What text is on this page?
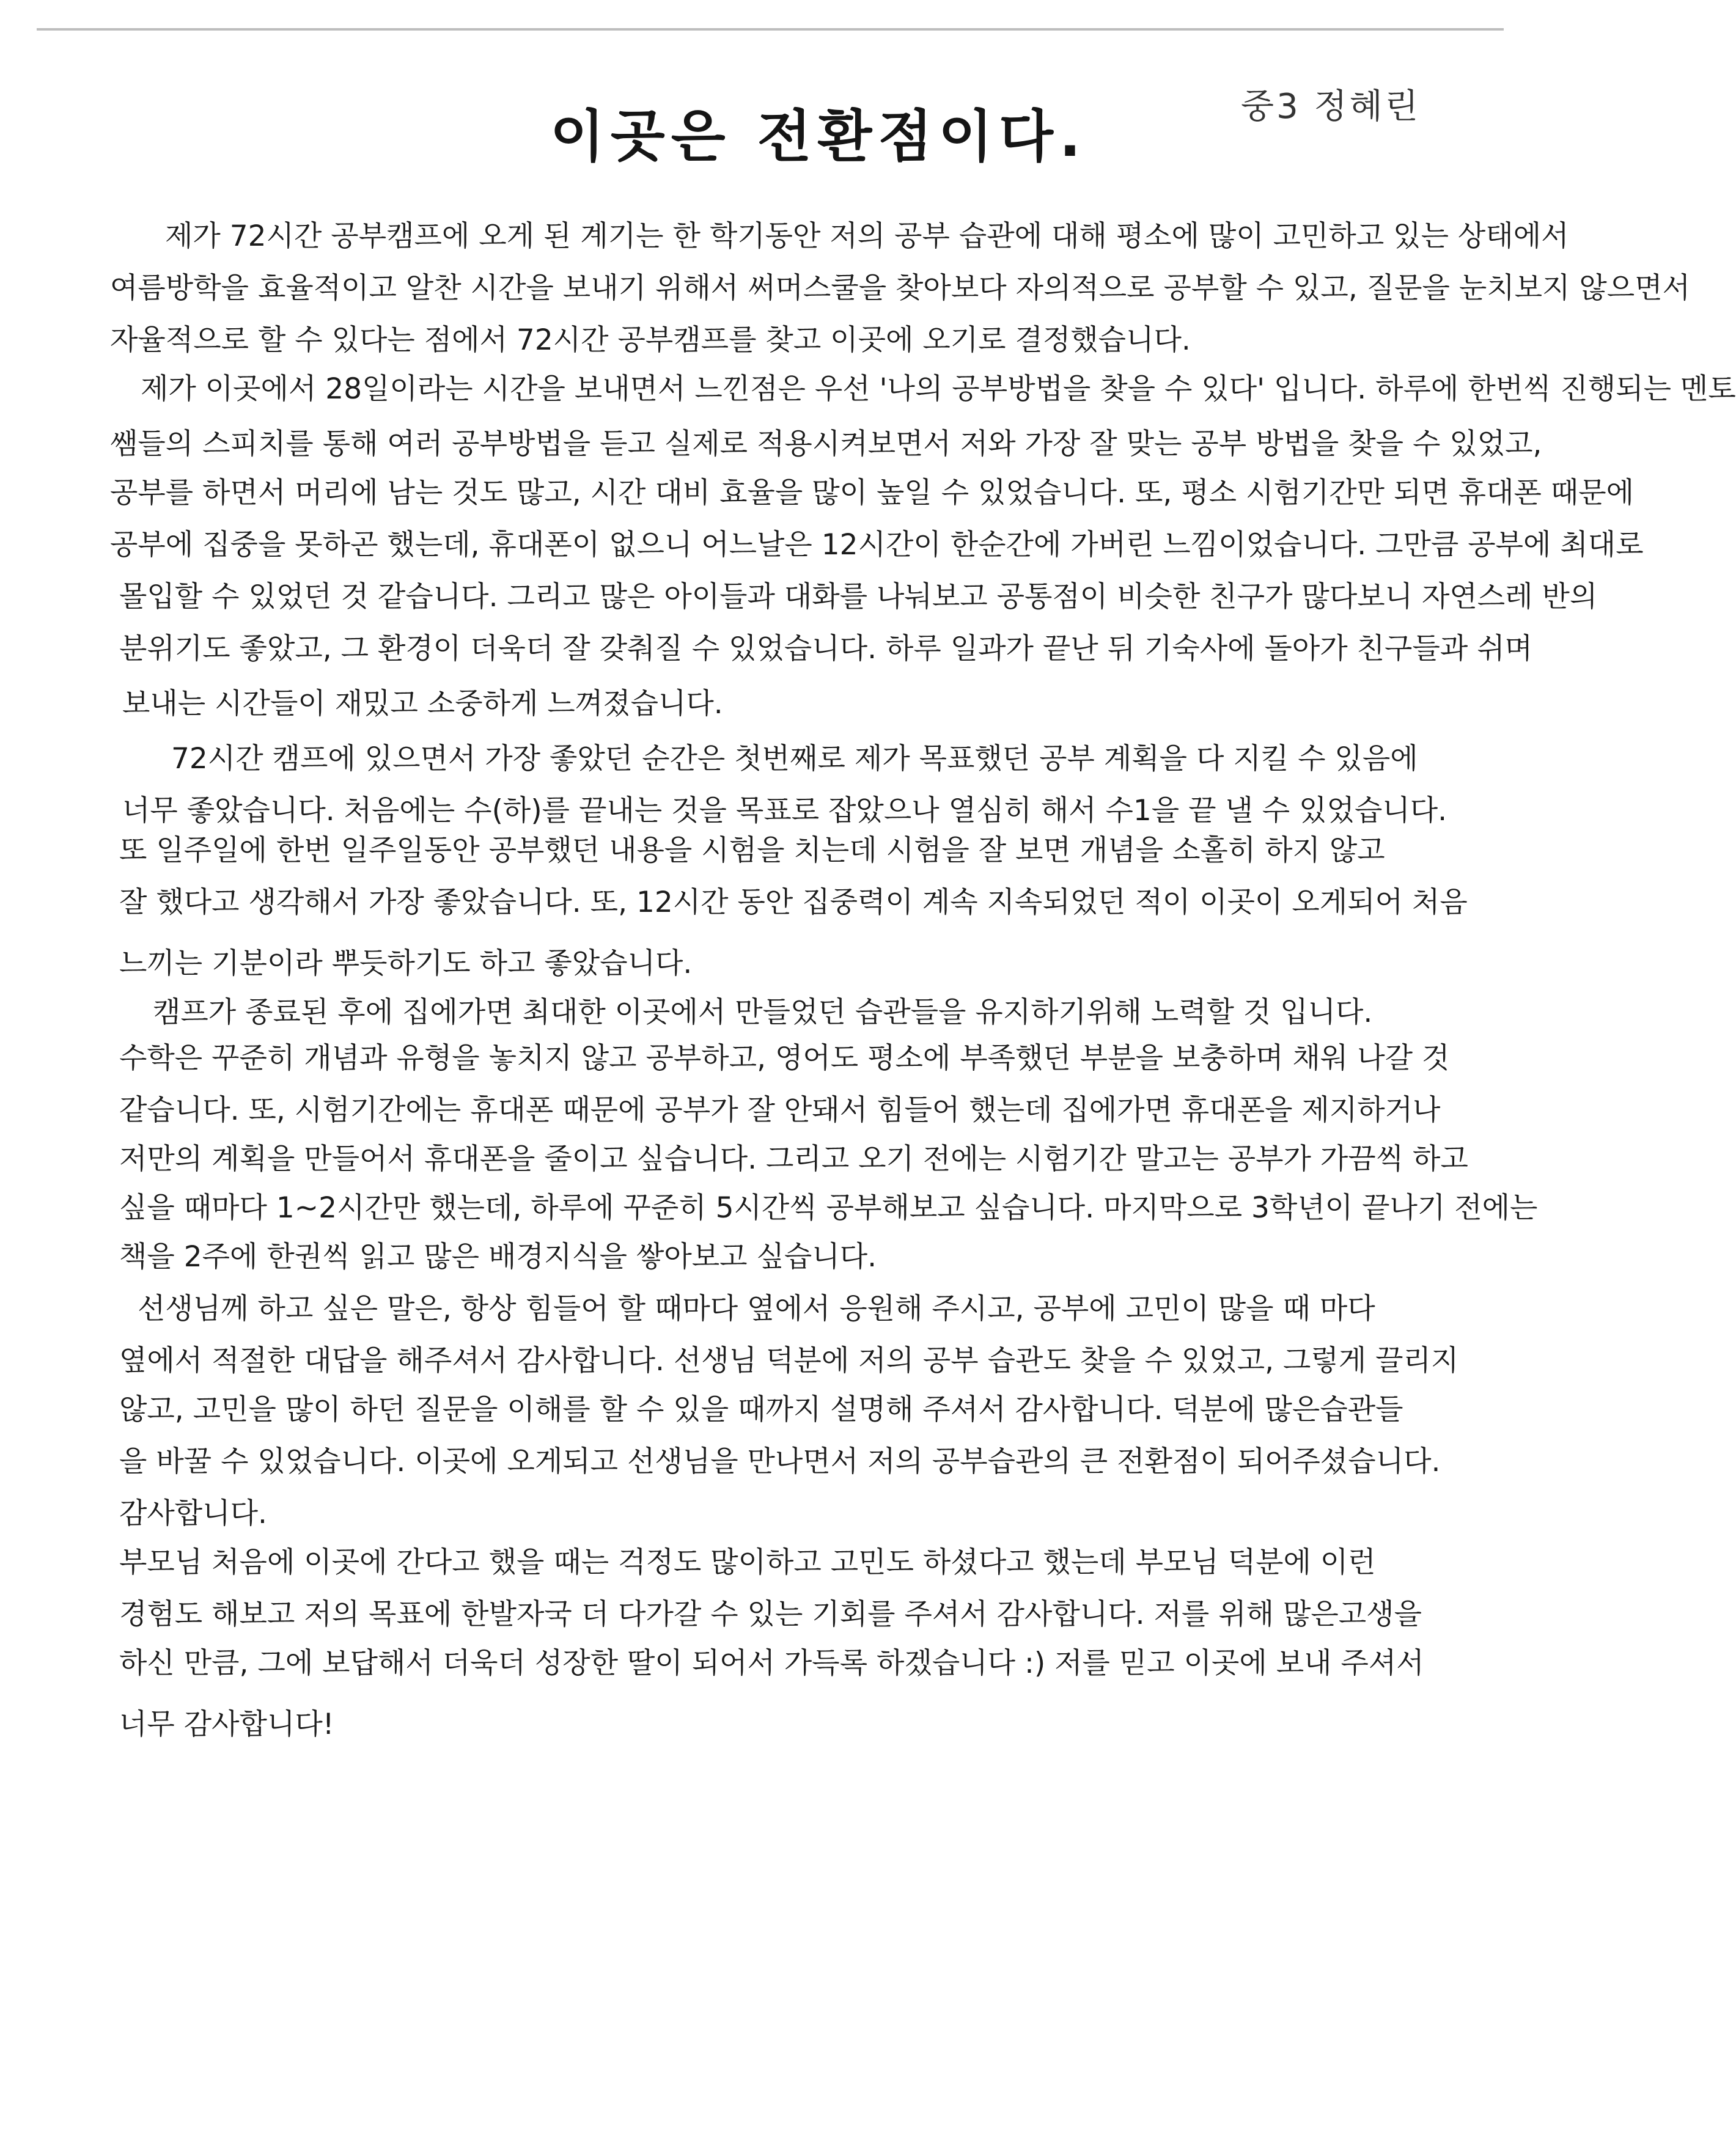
이곳은 전환점이다.	중3 정혜린
제가 72시간 공부캠프에 오게 된 계기는 한 학기동안 저의 공부 습관에 대해 평소에 많이 고민하고 있는 상태에서
여름방학을 효율적이고 알찬 시간을 보내기 위해서 써머스쿨을 찾아보다 자의적으로 공부할 수 있고, 질문을 눈치보지 않으면서
자율적으로 할 수 있다는 점에서 72시간 공부캠프를 찾고 이곳에 오기로 결정했습니다.
제가 이곳에서 28일이라는 시간을 보내면서 느낀점은 우선 '나의 공부방법을 찾을 수 있다' 입니다. 하루에 한번씩 진행되는 멘토
쌤들의 스피치를 통해 여러 공부방법을 듣고 실제로 적용시켜보면서 저와 가장 잘 맞는 공부 방법을 찾을 수 있었고,
공부를 하면서 머리에 남는 것도 많고, 시간 대비 효율을 많이 높일 수 있었습니다. 또, 평소 시험기간만 되면 휴대폰 때문에
공부에 집중을 못하곤 했는데, 휴대폰이 없으니 어느날은 12시간이 한순간에 가버린 느낌이었습니다. 그만큼 공부에 최대로
몰입할 수 있었던 것 같습니다. 그리고 많은 아이들과 대화를 나눠보고 공통점이 비슷한 친구가 많다보니 자연스레 반의
분위기도 좋았고, 그 환경이 더욱더 잘 갖춰질 수 있었습니다. 하루 일과가 끝난 뒤 기숙사에 돌아가 친구들과 쉬며
보내는 시간들이 재밌고 소중하게 느껴졌습니다.
72시간 캠프에 있으면서 가장 좋았던 순간은 첫번째로 제가 목표했던 공부 계획을 다 지킬 수 있음에
너무 좋았습니다. 처음에는 수(하)를 끝내는 것을 목표로 잡았으나 열심히 해서 수1을 끝 낼 수 있었습니다.
또 일주일에 한번 일주일동안 공부했던 내용을 시험을 치는데 시험을 잘 보면 개념을 소홀히 하지 않고
잘 했다고 생각해서 가장 좋았습니다. 또, 12시간 동안 집중력이 계속 지속되었던 적이 이곳이 오게되어 처음
느끼는 기분이라 뿌듯하기도 하고 좋았습니다.
캠프가 종료된 후에 집에가면 최대한 이곳에서 만들었던 습관들을 유지하기위해 노력할 것 입니다.
수학은 꾸준히 개념과 유형을 놓치지 않고 공부하고, 영어도 평소에 부족했던 부분을 보충하며 채워 나갈 것
같습니다. 또, 시험기간에는 휴대폰 때문에 공부가 잘 안돼서 힘들어 했는데 집에가면 휴대폰을 제지하거나
저만의 계획을 만들어서 휴대폰을 줄이고 싶습니다. 그리고 오기 전에는 시험기간 말고는 공부가 가끔씩 하고
싶을 때마다 1~2시간만 했는데, 하루에 꾸준히 5시간씩 공부해보고 싶습니다. 마지막으로 3학년이 끝나기 전에는
책을 2주에 한권씩 읽고 많은 배경지식을 쌓아보고 싶습니다.
선생님께 하고 싶은 말은, 항상 힘들어 할 때마다 옆에서 응원해 주시고, 공부에 고민이 많을 때 마다
옆에서 적절한 대답을 해주셔서 감사합니다. 선생님 덕분에 저의 공부 습관도 찾을 수 있었고, 그렇게 끌리지
않고, 고민을 많이 하던 질문을 이해를 할 수 있을 때까지 설명해 주셔서 감사합니다. 덕분에 많은습관들
을 바꿀 수 있었습니다. 이곳에 오게되고 선생님을 만나면서 저의 공부습관의 큰 전환점이 되어주셨습니다.
감사합니다.
부모님 처음에 이곳에 간다고 했을 때는 걱정도 많이하고 고민도 하셨다고 했는데 부모님 덕분에 이런
경험도 해보고 저의 목표에 한발자국 더 다가갈 수 있는 기회를 주셔서 감사합니다. 저를 위해 많은고생을
하신 만큼, 그에 보답해서 더욱더 성장한 딸이 되어서 가득록 하겠습니다 :) 저를 믿고 이곳에 보내 주셔서
너무 감사합니다!
